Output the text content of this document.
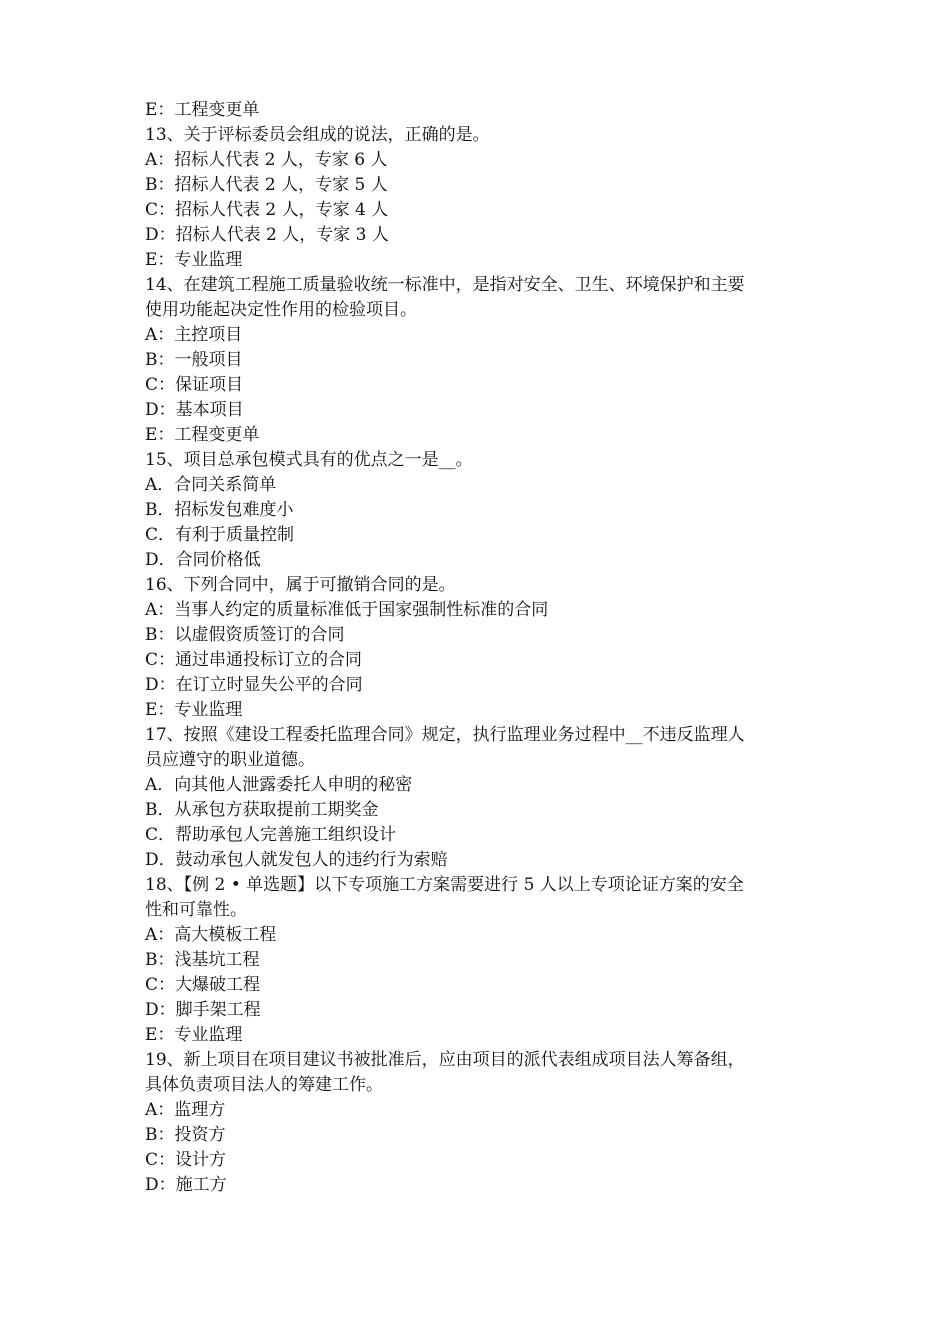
E：工程变更单
13、关于评标委员会组成的说法，正确的是。
A：招标人代表 2 人，专家 6 人
B：招标人代表 2 人，专家 5 人
C：招标人代表 2 人，专家 4 人
D：招标人代表 2 人，专家 3 人
E：专业监理
14、在建筑工程施工质量验收统一标准中，是指对安全、卫生、环境保护和主要
使用功能起决定性作用的检验项目。
A：主控项目
B：一般项目
C：保证项目
D：基本项目
E：工程变更单
15、项目总承包模式具有的优点之一是__。
A．合同关系简单
B．招标发包难度小
C．有利于质量控制
D．合同价格低
16、下列合同中，属于可撤销合同的是。
A：当事人约定的质量标准低于国家强制性标准的合同
B：以虚假资质签订的合同
C：通过串通投标订立的合同
D：在订立时显失公平的合同
E：专业监理
17、按照《建设工程委托监理合同》规定，执行监理业务过程中__不违反监理人
员应遵守的职业道德。
A．向其他人泄露委托人申明的秘密
B．从承包方获取提前工期奖金
C．帮助承包人完善施工组织设计
D．鼓动承包人就发包人的违约行为索赔
18、【例 2 • 单选题】以下专项施工方案需要进行 5 人以上专项论证方案的安全
性和可靠性。
A：高大模板工程
B：浅基坑工程
C：大爆破工程
D：脚手架工程
E：专业监理
19、新上项目在项目建议书被批准后，应由项目的派代表组成项目法人筹备组，
具体负责项目法人的筹建工作。
A：监理方
B：投资方
C：设计方
D：施工方
